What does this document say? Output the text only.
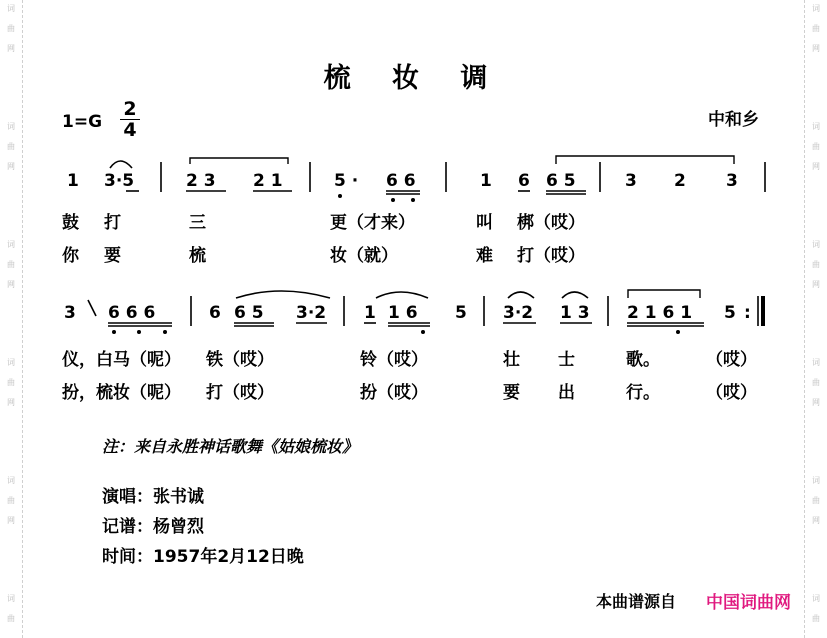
词
曲
网
词
曲
网
词
曲
网
词
曲
网
词
曲
网
词
曲
词
曲
网
词
曲
网
词
曲
网
词
曲
网
词
曲
网
词
曲
梳 妆 调
$1=G \frac{2}{4}$	中和乡
1 3·5	2 3 2 1	5 · 6 6	1 6 6 5	3 2 3
3 6 6 6	6 6 5 3·2 1 1 6 5 3·2 1 3 2 1 6 1 5 :
鼓 打	三	更（才来）	叫 梆（哎）
你 要	梳	妆（就）	难 打（哎）
仪，白马（呢） 铁（哎）	铃（哎）	壮 士	歌。	（哎）
扮，梳妆（呢） 打（哎）	扮（哎）	要 出	行。	（哎）
注：来自永胜神话歌舞《姑娘梳妆》
演唱：张书诚
记谱：杨曾烈
时间：1957年2月12日晚
本曲谱源自 中国词曲网
